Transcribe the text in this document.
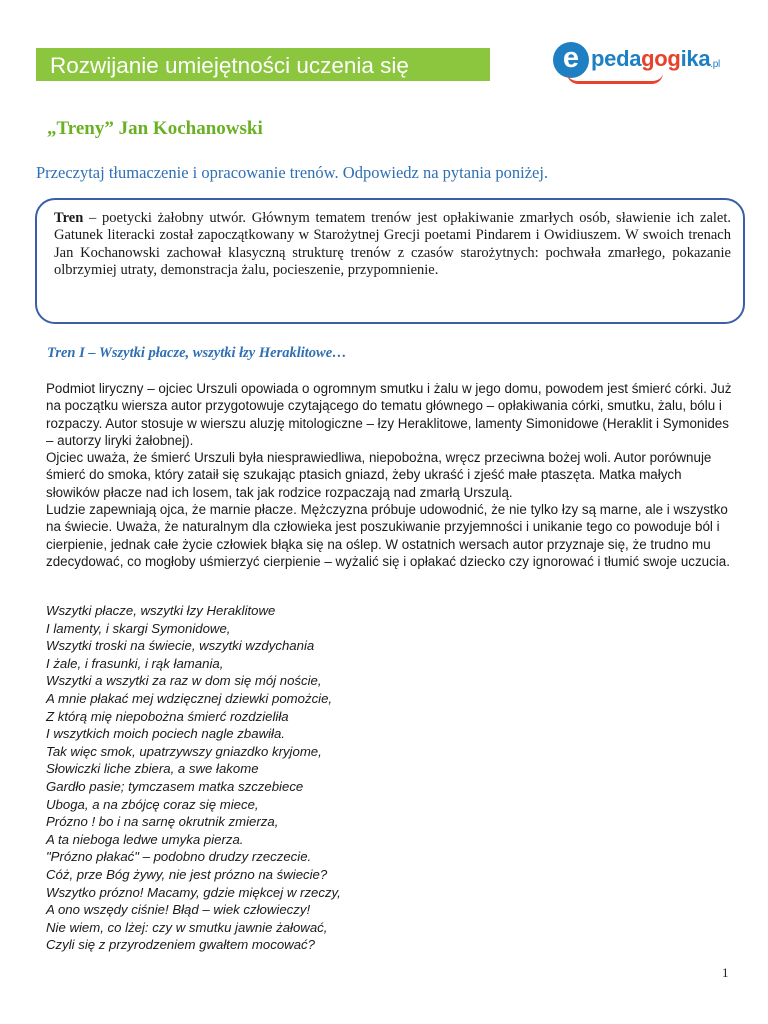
Rozwijanie umiejętności uczenia się	e pedagogika.pl
„Treny” Jan Kochanowski
Przeczytaj tłumaczenie i opracowanie trenów. Odpowiedz na pytania poniżej.
Tren – poetycki żałobny utwór. Głównym tematem trenów jest opłakiwanie zmarłych osób, sławienie ich zalet. Gatunek literacki został zapoczątkowany w Starożytnej Grecji poetami Pindarem i Owidiuszem. W swoich trenach Jan Kochanowski zachował klasyczną strukturę trenów z czasów starożytnych: pochwała zmarłego, pokazanie olbrzymiej utraty, demonstracja żalu, pocieszenie, przypomnienie.
Tren I – Wszytki płacze, wszytki łzy Heraklitowe…

Podmiot liryczny – ojciec Urszuli opowiada o ogromnym smutku i żalu w jego domu, powodem jest śmierć córki. Już na początku wiersza autor przygotowuje czytającego do tematu głównego – opłakiwania córki, smutku, żalu, bólu i rozpaczy. Autor stosuje w wierszu aluzję mitologiczne – łzy Heraklitowe, lamenty Simonidowe (Heraklit i Symonides – autorzy liryki żałobnej).

Ojciec uważa, że śmierć Urszuli była niesprawiedliwa, niepobożna, wręcz przeciwna bożej woli. Autor porównuje śmierć do smoka, który zataił się szukając ptasich gniazd, żeby ukraść i zjeść małe ptaszęta. Matka małych słowików płacze nad ich losem, tak jak rodzice rozpaczają nad zmarłą Urszulą.

Ludzie zapewniają ojca, że marnie płacze. Mężczyzna próbuje udowodnić, że nie tylko łzy są marne, ale i wszystko na świecie. Uważa, że naturalnym dla człowieka jest poszukiwanie przyjemności i unikanie tego co powoduje ból i cierpienie, jednak całe życie człowiek błąka się na oślep. W ostatnich wersach autor przyznaje się, że trudno mu zdecydować, co mogłoby uśmierzyć cierpienie – wyżalić się i opłakać dziecko czy ignorować i tłumić swoje uczucia.

Wszytki płacze, wszytki łzy Heraklitowe
I lamenty, i skargi Symonidowe,
Wszytki troski na świecie, wszytki wzdychania
I żale, i frasunki, i rąk łamania,
Wszytki a wszytki za raz w dom się mój noście,
A mnie płakać mej wdzięcznej dziewki pomożcie,
Z którą mię niepobożna śmierć rozdzieliła
I wszytkich moich pociech nagle zbawiła.
Tak więc smok, upatrzywszy gniazdko kryjome,
Słowiczki liche zbiera, a swe łakome
Gardło pasie; tymczasem matka szczebiece
Uboga, a na zbójcę coraz się miece,
Prózno ! bo i na sarnę okrutnik zmierza,
A ta nieboga ledwe umyka pierza.
"Prózno płakać" – podobno drudzy rzeczecie.
Cóż, prze Bóg żywy, nie jest prózno na świecie?
Wszytko prózno! Macamy, gdzie miękcej w rzeczy,
A ono wszędy ciśnie! Błąd – wiek człowieczy!
Nie wiem, co lżej: czy w smutku jawnie żałować,
Czyli się z przyrodzeniem gwałtem mocować?
1
